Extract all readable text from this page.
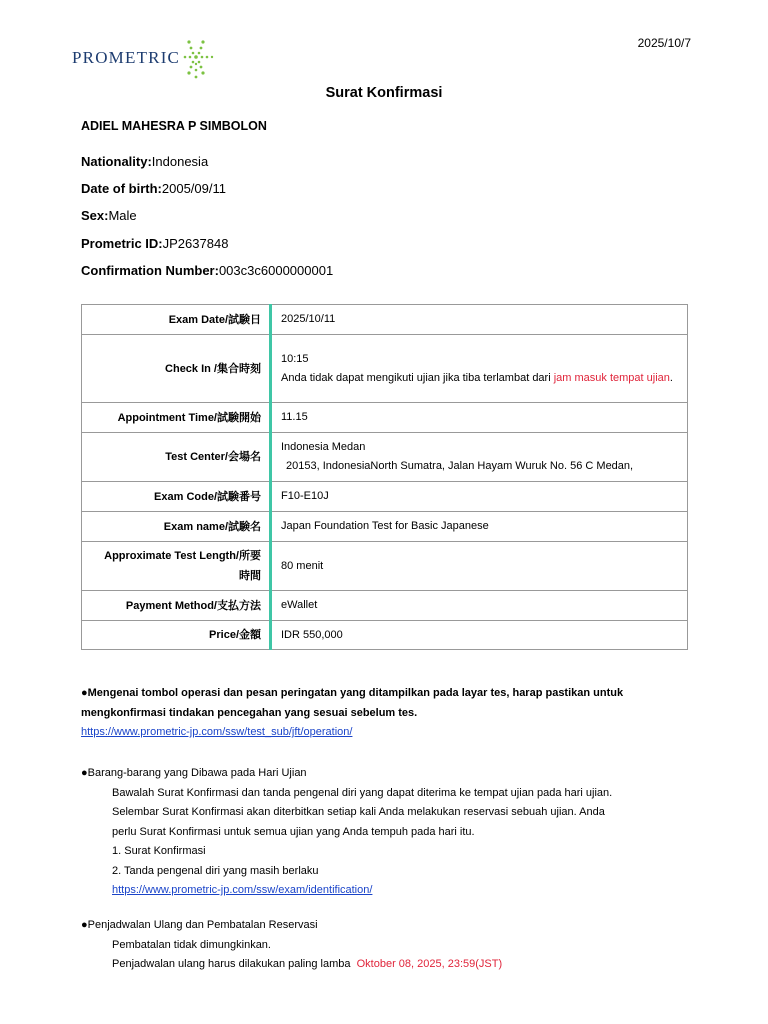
PROMETRIC
2025/10/7
Surat Konfirmasi
ADIEL MAHESRA P SIMBOLON
Nationality:Indonesia
Date of birth:2005/09/11
Sex:Male
Prometric ID:JP2637848
Confirmation Number:003c3c6000000001
Exam Date/試験日	2025/10/11
Check In /集合時刻	10:15
Anda tidak dapat mengikuti ujian jika tiba terlambat dari jam masuk tempat ujian.

Appointment Time/試験開始	11.15
Test Center/会場名	Indonesia Medan
20153, IndonesiaNorth Sumatra, Jalan Hayam Wuruk No. 56 C Medan,

Exam Code/試験番号	F10-E10J
Exam name/試験名	Japan Foundation Test for Basic Japanese

Approximate Test Length/所要
時間	80 menit
Payment Method/支払方法	eWallet
Price/金額	IDR 550,000
●Mengenai tombol operasi dan pesan peringatan yang ditampilkan pada layar tes, harap pastikan untuk
mengkonfirmasi tindakan pencegahan yang sesuai sebelum tes.
https://www.prometric-jp.com/ssw/test_sub/jft/operation/
●Barang-barang yang Dibawa pada Hari Ujian
Bawalah Surat Konfirmasi dan tanda pengenal diri yang dapat diterima ke tempat ujian pada hari ujian.
Selembar Surat Konfirmasi akan diterbitkan setiap kali Anda melakukan reservasi sebuah ujian. Anda
perlu Surat Konfirmasi untuk semua ujian yang Anda tempuh pada hari itu.
1. Surat Konfirmasi
2. Tanda pengenal diri yang masih berlaku
https://www.prometric-jp.com/ssw/exam/identification/
●Penjadwalan Ulang dan Pembatalan Reservasi
Pembatalan tidak dimungkinkan.
Penjadwalan ulang harus dilakukan paling lamba Oktober 08, 2025, 23:59(JST)
